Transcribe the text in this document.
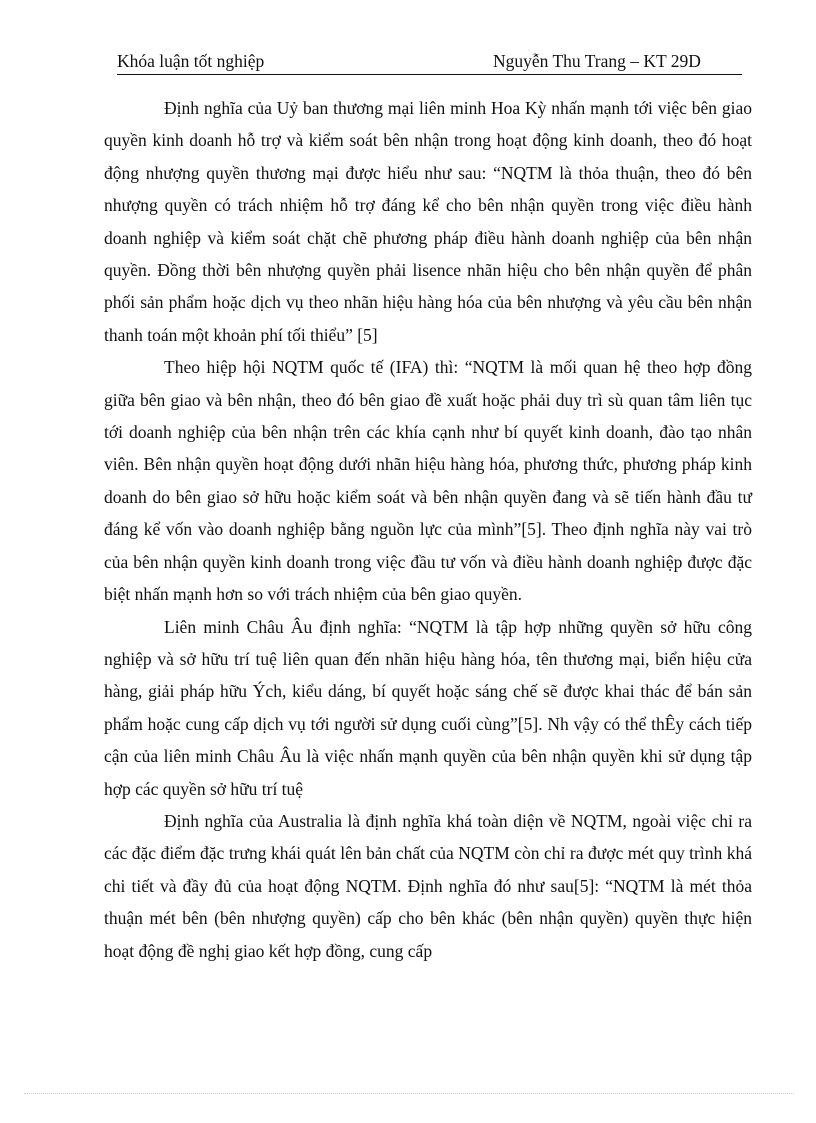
Khóa luận tốt nghiệp	Nguyễn Thu Trang – KT 29D

Định nghĩa của Uỷ ban thương mại liên minh Hoa Kỳ nhấn mạnh tới việc bên giao quyền kinh doanh hỗ trợ và kiểm soát bên nhận trong hoạt động kinh doanh, theo đó hoạt động nhượng quyền thương mại được hiểu như sau: “NQTM là thỏa thuận, theo đó bên nhượng quyền có trách nhiệm hỗ trợ đáng kể cho bên nhận quyền trong việc điều hành doanh nghiệp và kiểm soát chặt chẽ phương pháp điều hành doanh nghiệp của bên nhận quyền. Đồng thời bên nhượng quyền phải lisence nhãn hiệu cho bên nhận quyền để phân phối sản phẩm hoặc dịch vụ theo nhãn hiệu hàng hóa của bên nhượng và yêu cầu bên nhận thanh toán một khoản phí tối thiểu” [5]

Theo hiệp hội NQTM quốc tế (IFA) thì: “NQTM là mối quan hệ theo hợp đồng giữa bên giao và bên nhận, theo đó bên giao đề xuất hoặc phải duy trì sù quan tâm liên tục tới doanh nghiệp của bên nhận trên các khía cạnh như bí quyết kinh doanh, đào tạo nhân viên. Bên nhận quyền hoạt động dưới nhãn hiệu hàng hóa, phương thức, phương pháp kinh doanh do bên giao sở hữu hoặc kiểm soát và bên nhận quyền đang và sẽ tiến hành đầu tư đáng kể vốn vào doanh nghiệp bằng nguồn lực của mình”[5]. Theo định nghĩa này vai trò của bên nhận quyền kinh doanh trong việc đầu tư vốn và điều hành doanh nghiệp được đặc biệt nhấn mạnh hơn so với trách nhiệm của bên giao quyền.

Liên minh Châu Âu định nghĩa: “NQTM là tập hợp những quyền sở hữu công nghiệp và sở hữu trí tuệ liên quan đến nhãn hiệu hàng hóa, tên thương mại, biển hiệu cửa hàng, giải pháp hữu Ých, kiểu dáng, bí quyết hoặc sáng chế sẽ được khai thác để bán sản phẩm hoặc cung cấp dịch vụ tới người sử dụng cuối cùng”[5]. Nh vậy có thể thÊy cách tiếp cận của liên minh Châu Âu là việc nhấn mạnh quyền của bên nhận quyền khi sử dụng tập hợp các quyền sở hữu trí tuệ

Định nghĩa của Australia là định nghĩa khá toàn diện về NQTM, ngoài việc chỉ ra các đặc điểm đặc trưng khái quát lên bản chất của NQTM còn chỉ ra được mét quy trình khá chi tiết và đầy đủ của hoạt động NQTM. Định nghĩa đó như sau[5]: “NQTM là mét thỏa thuận mét bên (bên nhượng quyền) cấp cho bên khác (bên nhận quyền) quyền thực hiện hoạt động đề nghị giao kết hợp đồng, cung cấp
